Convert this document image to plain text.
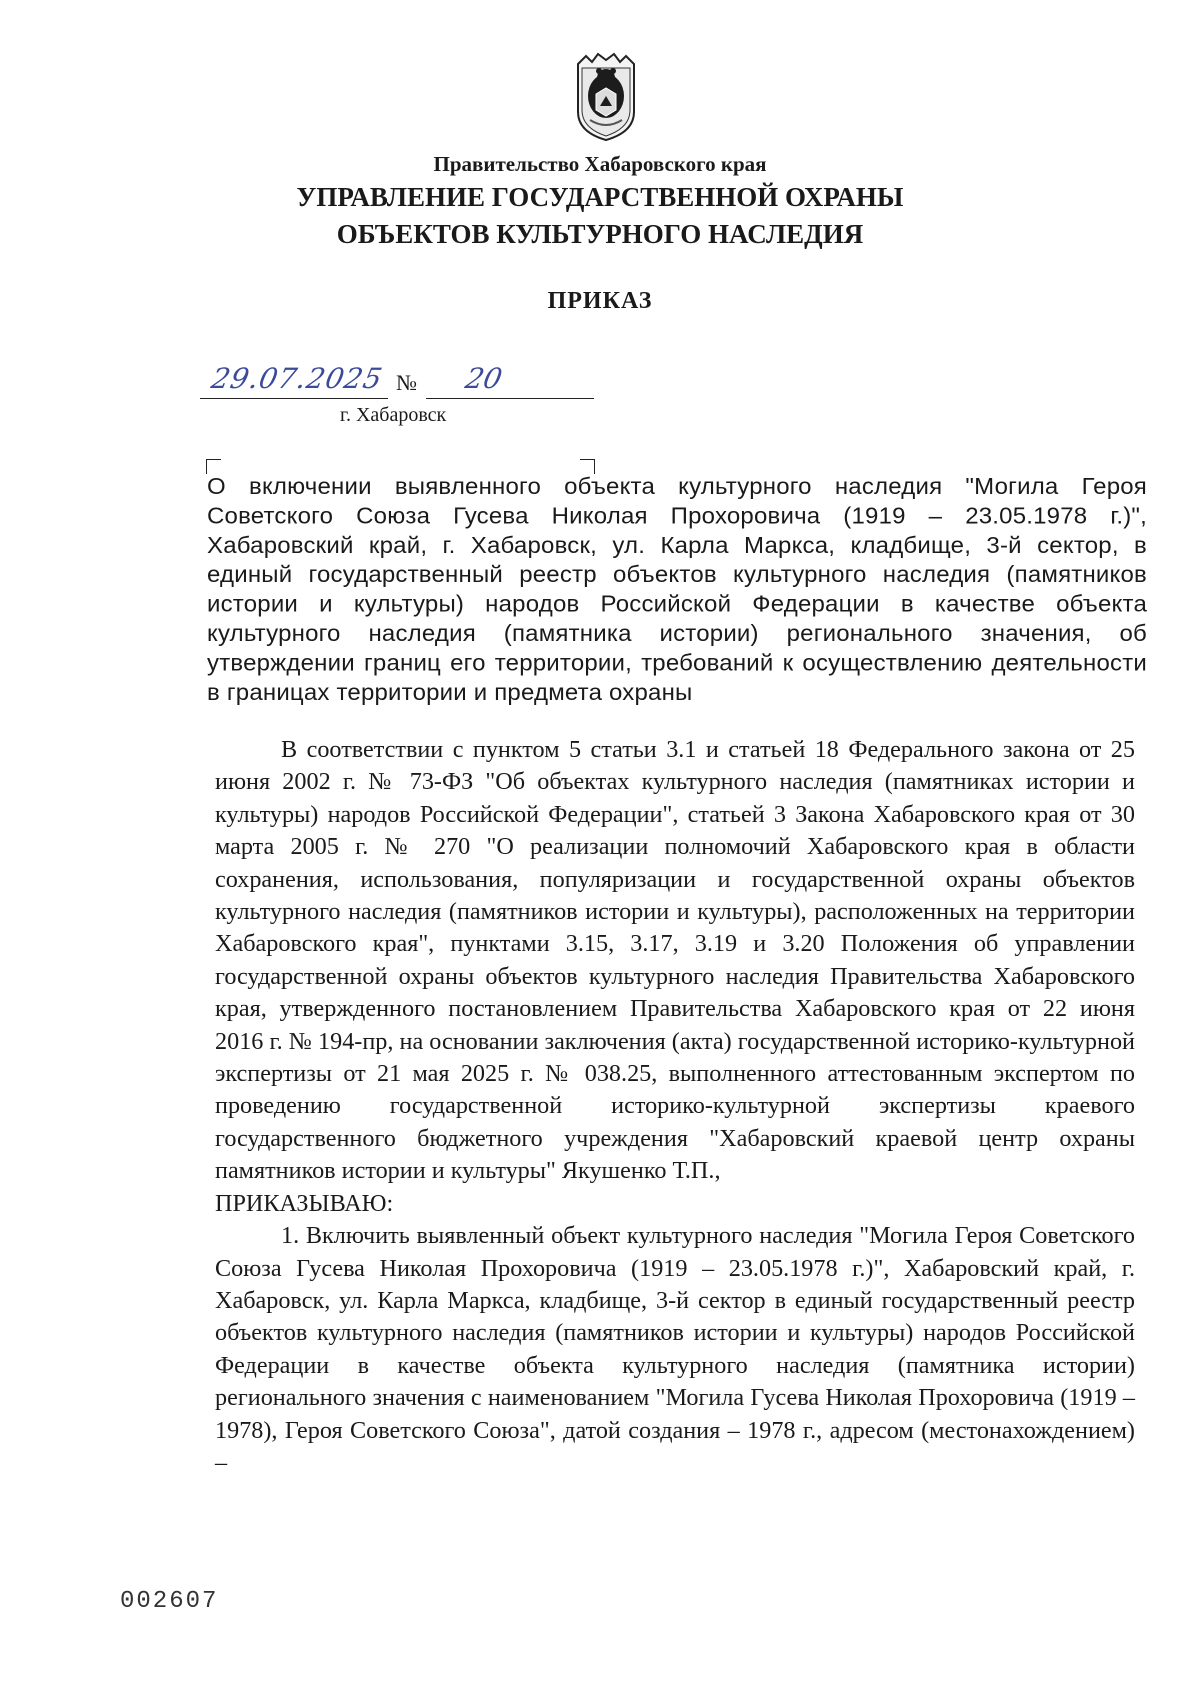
Правительство Хабаровского края
УПРАВЛЕНИЕ ГОСУДАРСТВЕННОЙ ОХРАНЫ
ОБЪЕКТОВ КУЛЬТУРНОГО НАСЛЕДИЯ
ПРИКАЗ
29.07.2025 № 20
г. Хабаровск

О включении выявленного объекта культурного наследия "Могила Героя Советского Союза Гусева Николая Прохоровича (1919 – 23.05.1978 г.)", Хабаровский край, г. Хабаровск, ул. Карла Маркса, кладбище, 3-й сектор, в единый государственный реестр объектов культурного наследия (памятников истории и культуры) народов Российской Федерации в качестве объекта культурного наследия (памятника истории) регионального значения, об утверждении границ его территории, требований к осуществлению деятельности в границах территории и предмета охраны

В соответствии с пунктом 5 статьи 3.1 и статьей 18 Федерального закона от 25 июня 2002 г. № 73-ФЗ "Об объектах культурного наследия (памятниках истории и культуры) народов Российской Федерации", статьей 3 Закона Хабаровского края от 30 марта 2005 г. № 270 "О реализации полномочий Хабаровского края в области сохранения, использования, популяризации и государственной охраны объектов культурного наследия (памятников истории и культуры), расположенных на территории Хабаровского края", пунктами 3.15, 3.17, 3.19 и 3.20 Положения об управлении государственной охраны объектов культурного наследия Правительства Хабаровского края, утвержденного постановлением Правительства Хабаровского края от 22 июня 2016 г. № 194-пр, на основании заключения (акта) государственной историко-культурной экспертизы от 21 мая 2025 г. № 038.25, выполненного аттестованным экспертом по проведению государственной историко-культурной экспертизы краевого государственного бюджетного учреждения "Хабаровский краевой центр охраны памятников истории и культуры" Якушенко Т.П.,

ПРИКАЗЫВАЮ:

1. Включить выявленный объект культурного наследия "Могила Героя Советского Союза Гусева Николая Прохоровича (1919 – 23.05.1978 г.)", Хабаровский край, г. Хабаровск, ул. Карла Маркса, кладбище, 3-й сектор в единый государственный реестр объектов культурного наследия (памятников истории и культуры) народов Российской Федерации в качестве объекта культурного наследия (памятника истории) регионального значения с наименованием "Могила Гусева Николая Прохоровича (1919 – 1978), Героя Советского Союза", датой создания – 1978 г., адресом (местонахождением) –

002607
